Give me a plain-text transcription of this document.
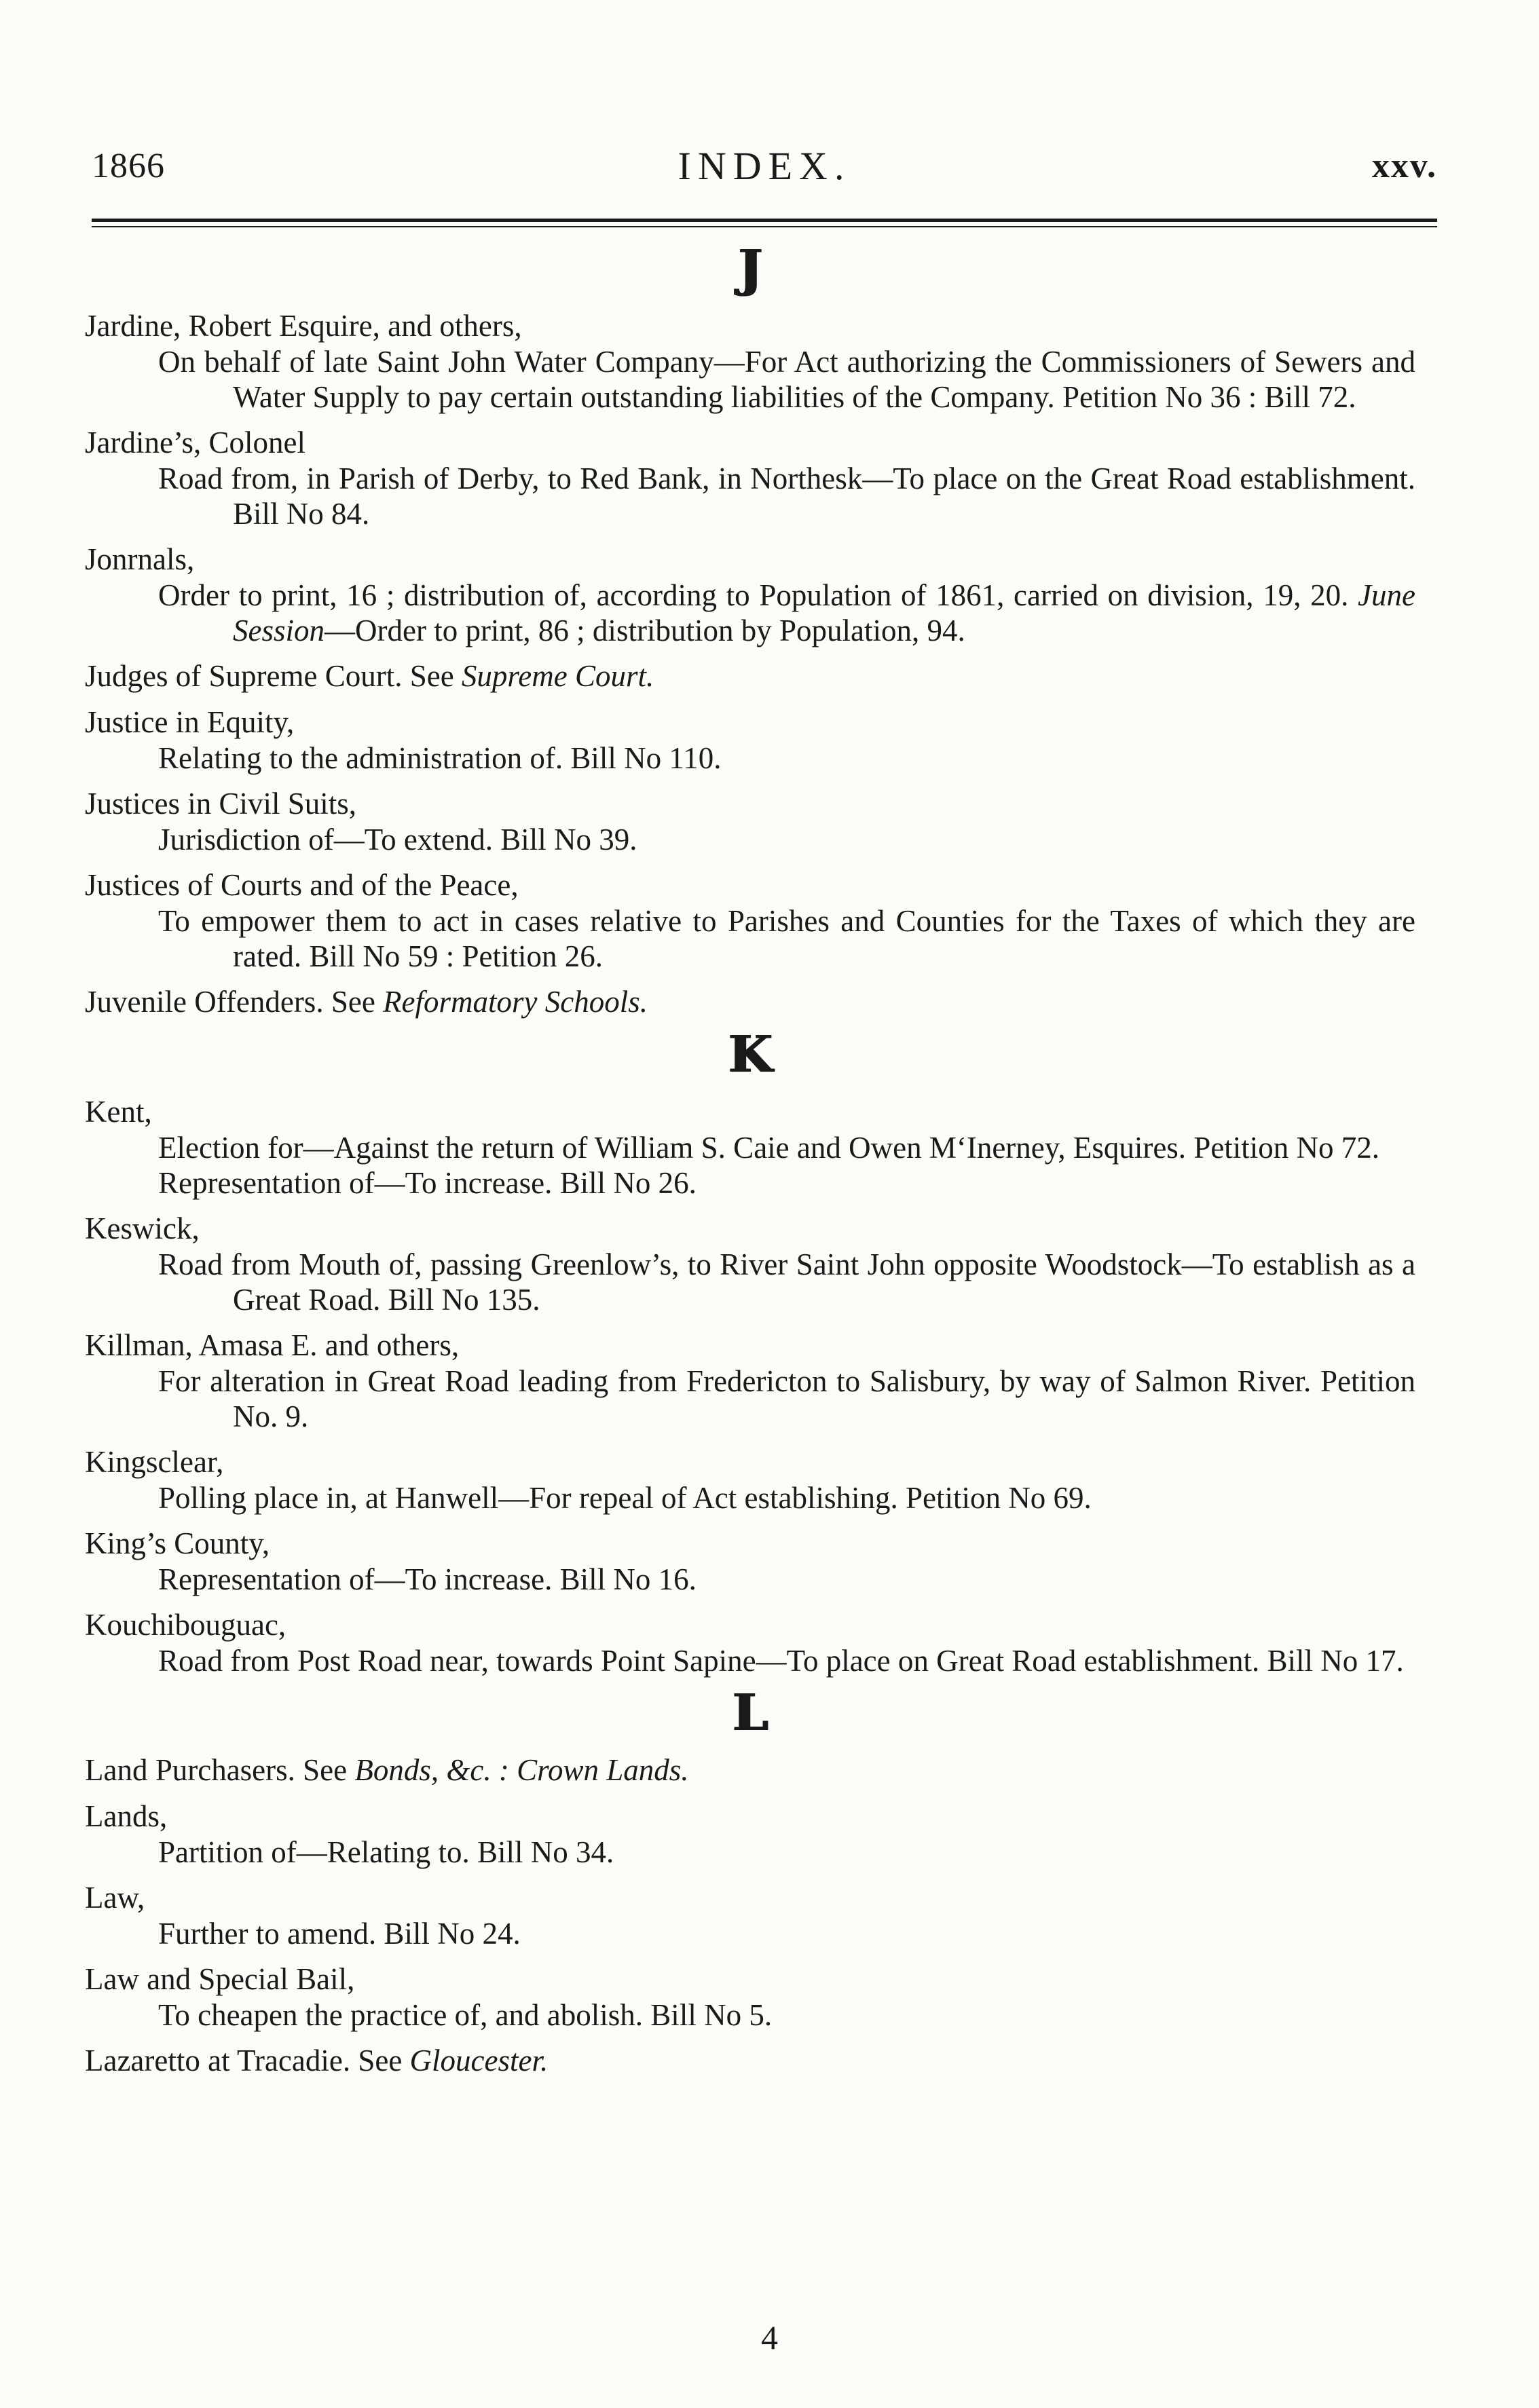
1866	INDEX.	xxv.
J
Jardine, Robert Esquire, and others,
On behalf of late Saint John Water Company—For Act authorizing the Commissioners of Sewers and Water Supply to pay certain outstanding liabilities of the Company. Petition No 36 : Bill 72.
Jardine’s, Colonel
Road from, in Parish of Derby, to Red Bank, in Northesk—To place on the Great Road establishment. Bill No 84.
Jonrnals,
Order to print, 16 ; distribution of, according to Population of 1861, carried on division, 19, 20. June Session—Order to print, 86 ; distribution by Population, 94.
Judges of Supreme Court. See Supreme Court.
Justice in Equity,
Relating to the administration of. Bill No 110.
Justices in Civil Suits,
Jurisdiction of—To extend. Bill No 39.
Justices of Courts and of the Peace,
To empower them to act in cases relative to Parishes and Counties for the Taxes of which they are rated. Bill No 59 : Petition 26.
Juvenile Offenders. See Reformatory Schools.
K
Kent,
Election for—Against the return of William S. Caie and Owen M‘Inerney, Esquires. Petition No 72.
Representation of—To increase. Bill No 26.
Keswick,
Road from Mouth of, passing Greenlow’s, to River Saint John opposite Woodstock—To establish as a Great Road. Bill No 135.
Killman, Amasa E. and others,
For alteration in Great Road leading from Fredericton to Salisbury, by way of Salmon River. Petition No. 9.
Kingsclear,
Polling place in, at Hanwell—For repeal of Act establishing. Petition No 69.
King’s County,
Representation of—To increase. Bill No 16.
Kouchibouguac,
Road from Post Road near, towards Point Sapine—To place on Great Road establishment. Bill No 17.
L
Land Purchasers. See Bonds, &c. : Crown Lands.
Lands,
Partition of—Relating to. Bill No 34.
Law,
Further to amend. Bill No 24.
Law and Special Bail,
To cheapen the practice of, and abolish. Bill No 5.
Lazaretto at Tracadie. See Gloucester.
4
